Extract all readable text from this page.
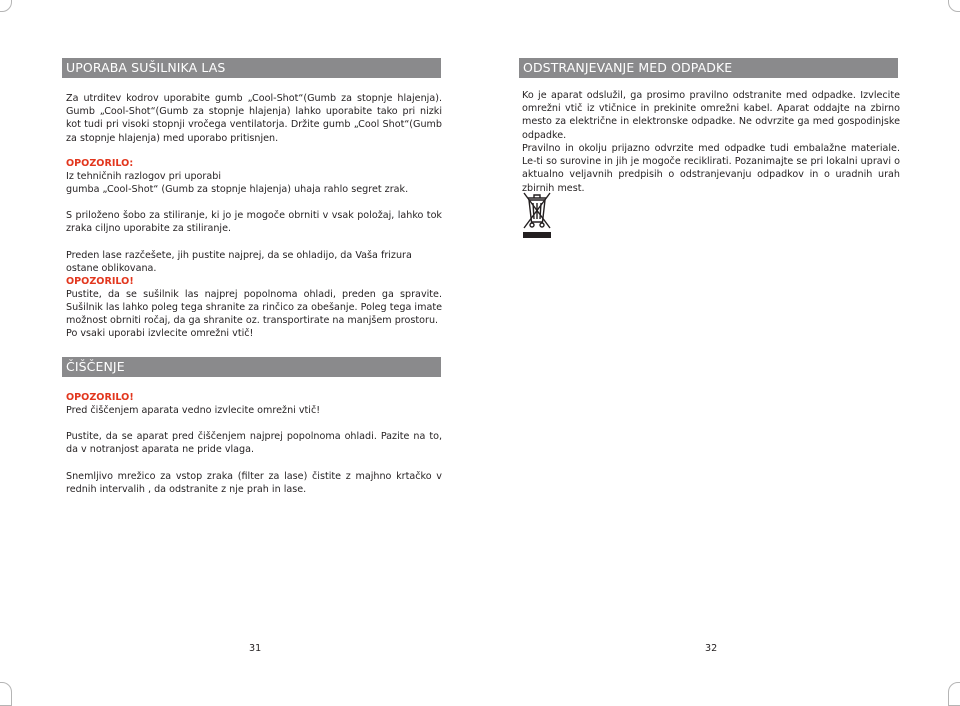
UPORABA SUŠILNIKA LAS

Za utrditev kodrov uporabite gumb „Cool-Shot“(Gumb za stopnje hlajenja). Gumb „Cool-Shot“(Gumb za stopnje hlajenja) lahko uporabite tako pri nizki kot tudi pri visoki stopnji vročega ventilatorja. Držite gumb „Cool Shot“(Gumb za stopnje hlajenja) med uporabo pritisnjen.

OPOZORILO:

Iz tehničnih razlogov pri uporabi

gumba „Cool-Shot“ (Gumb za stopnje hlajenja) uhaja rahlo segret zrak.

S priloženo šobo za stiliranje, ki jo je mogoče obrniti v vsak položaj, lahko tok zraka ciljno uporabite za stiliranje.

Preden lase razčešete, jih pustite najprej, da se ohladijo, da Vaša frizura ostane oblikovana.

OPOZORILO!

Pustite, da se sušilnik las najprej popolnoma ohladi, preden ga spravite. Sušilnik las lahko poleg tega shranite za rinčico za obešanje. Poleg tega imate možnost obrniti ročaj, da ga shranite oz. transportirate na manjšem prostoru.

Po vsaki uporabi izvlecite omrežni vtič!

ČIŠČENJE

OPOZORILO!

Pred čiščenjem aparata vedno izvlecite omrežni vtič!

Pustite, da se aparat pred čiščenjem najprej popolnoma ohladi. Pazite na to, da v notranjost aparata ne pride vlaga.

Snemljivo mrežico za vstop zraka (filter za lase) čistite z majhno krtačko v rednih intervalih , da odstranite z nje prah in lase.

31
ODSTRANJEVANJE MED ODPADKE

Ko je aparat odslužil, ga prosimo pravilno odstranite med odpadke. Izvlecite omrežni vtič iz vtičnice in prekinite omrežni kabel. Aparat oddajte na zbirno mesto za električne in elektronske odpadke. Ne odvrzite ga med gospodinjske odpadke.

Pravilno in okolju prijazno odvrzite med odpadke tudi embalažne materiale. Le-ti so surovine in jih je mogoče reciklirati. Pozanimajte se pri lokalni upravi o aktualno veljavnih predpisih o odstranjevanju odpadkov in o uradnih urah zbirnih mest.

32
